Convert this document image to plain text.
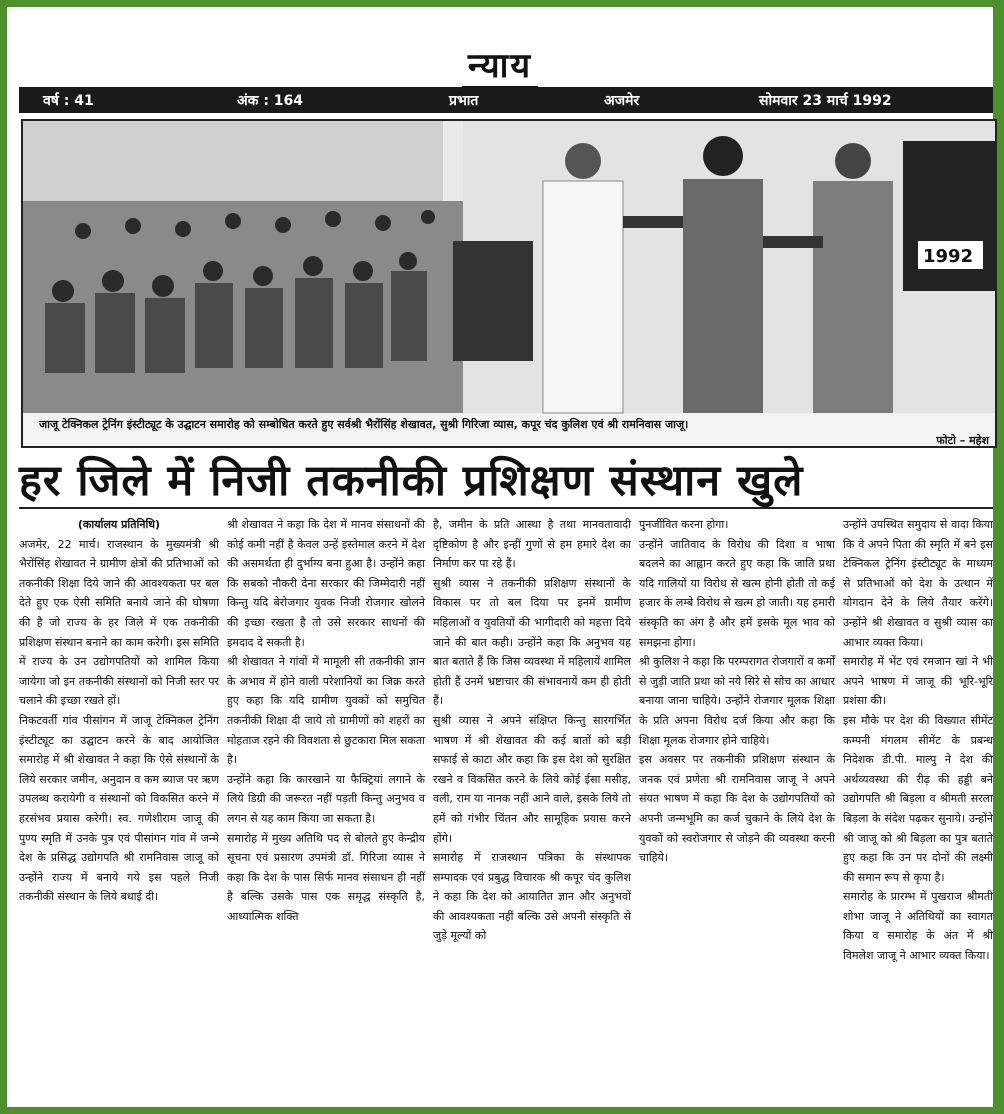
न्याय
वर्ष : 41	अंक : 164	प्रभात	अजमेर	सोमवार 23 मार्च 1992
1992
जाजू टेक्निकल ट्रेनिंग इंस्टीट्यूट के उद्घाटन समारोह को सम्बोधित करते हुए सर्वश्री भैरोंसिंह शेखावत, सुश्री गिरिजा व्यास, कपूर चंद कुलिश एवं श्री रामनिवास जाजू।
फोटो – महेश
हर जिले में निजी तकनीकी प्रशिक्षण संस्थान खुले
(कार्यालय प्रतिनिधि)

अजमेर, 22 मार्च। राजस्थान के मुख्यमंत्री श्री भैरोंसिंह शेखावत ने ग्रामीण क्षेत्रों की प्रतिभाओं को तकनीकी शिक्षा दिये जाने की आवश्यकता पर बल देते हुए एक ऐसी समिति बनाये जाने की घोषणा की है जो राज्य के हर जिले में एक तकनीकी प्रशिक्षण संस्थान बनाने का काम करेगी। इस समिति में राज्य के उन उद्योगपतियों को शामिल किया जायेगा जो इन तकनीकी संस्थानों को निजी स्तर पर चलाने की इच्छा रखते हों।

निकटवर्ती गांव पीसांगन में जाजू टेक्निकल ट्रेनिंग इंस्टीट्यूट का उद्घाटन करने के बाद आयोजित समारोह में श्री शेखावत ने कहा कि ऐसे संस्थानों के लिये सरकार जमीन, अनुदान व कम ब्याज पर ऋण उपलब्ध करायेगी व संस्थानों को विकसित करने में हरसंभव प्रयास करेगी। स्व. गणेशीराम जाजू की पुण्य स्मृति में उनके पुत्र एवं पीसांगन गांव में जन्मे देश के प्रसिद्ध उद्योगपति श्री रामनिवास जाजू को उन्होंने राज्य में बनाये गये इस पहले निजी तकनीकी संस्थान के लिये बधाई दी।

श्री शेखावत ने कहा कि देश में मानव संसाधनों की कोई कमी नहीं है केवल उन्हें इस्तेमाल करने में देश की असमर्थता ही दुर्भाग्य बना हुआ है। उन्होंने कहा कि सबको नौकरी देना सरकार की जिम्मेदारी नहीं किन्तु यदि बेरोजगार युवक निजी रोजगार खोलने की इच्छा रखता है तो उसे सरकार साधनों की इमदाद दे सकती है।

श्री शेखावत ने गांवों में मामूली सी तकनीकी ज्ञान के अभाव में होने वाली परेशानियों का जिक्र करते हुए कहा कि यदि ग्रामीण युवकों को समुचित तकनीकी शिक्षा दी जाये तो ग्रामीणों को शहरों का मोहताज रहने की विवशता से छुटकारा मिल सकता है।

उन्होंने कहा कि कारखाने या फैक्ट्रियां लगाने के लिये डिग्री की जरूरत नहीं पड़ती किन्तु अनुभव व लगन से यह काम किया जा सकता है।

समारोह में मुख्य अतिथि पद से बोलते हुए केन्द्रीय सूचना एवं प्रसारण उपमंत्री डॉ. गिरिजा व्यास ने कहा कि देश के पास सिर्फ मानव संसाधन ही नहीं है बल्कि उसके पास एक समृद्ध संस्कृति है, आध्यात्मिक शक्ति

है, जमीन के प्रति आस्था है तथा मानवतावादी दृष्टिकोण है और इन्हीं गुणों से हम हमारे देश का निर्माण कर पा रहे हैं।

सुश्री व्यास ने तकनीकी प्रशिक्षण संस्थानों के विकास पर तो बल दिया पर इनमें ग्रामीण महिलाओं व युवतियों की भागीदारी को महत्ता दिये जाने की बात कही। उन्होंने कहा कि अनुभव यह बात बताते हैं कि जिस व्यवस्था में महिलायें शामिल होती हैं उनमें भ्रष्टाचार की संभावनायें कम ही होती हैं।

सुश्री व्यास ने अपने संक्षिप्त किन्तु सारगर्भित भाषण में श्री शेखावत की कई बातों को बड़ी सफाई से काटा और कहा कि इस देश को सुरक्षित रखने व विकसित करने के लिये कोई ईसा मसीह, वली, राम या नानक नहीं आने वाले, इसके लिये तो हमें को गंभीर चिंतन और सामूहिक प्रयास करने होंगे।

समारोह में राजस्थान पत्रिका के संस्थापक सम्पादक एवं प्रबुद्ध विचारक श्री कपूर चंद कुलिश ने कहा कि देश को आयातित ज्ञान और अनुभवों की आवश्यकता नहीं बल्कि उसे अपनी संस्कृति से जुड़े मूल्यों को

पुनर्जीवित करना होगा।

उन्होंने जातिवाद के विरोध की दिशा व भाषा बदलने का आह्वान करते हुए कहा कि जाति प्रथा यदि गालियों या विरोध से खत्म होनी होती तो कई हजार के लम्बे विरोध से खत्म हो जाती। यह हमारी संस्कृति का अंग है और हमें इसके मूल भाव को समझना होगा।

श्री कुलिश ने कहा कि परम्परागत रोजगारों व कर्मों से जुड़ी जाति प्रथा को नये सिरे से सोच का आधार बनाया जाना चाहिये। उन्होंने रोजगार मूलक शिक्षा के प्रति अपना विरोध दर्ज किया और कहा कि शिक्षा मूलक रोजगार होने चाहिये।

इस अवसर पर तकनीकी प्रशिक्षण संस्थान के जनक एवं प्रणेता श्री रामनिवास जाजू ने अपने संयत भाषण में कहा कि देश के उद्योगपतियों को अपनी जन्मभूमि का कर्ज चुकाने के लिये देश के युवकों को स्वरोजगार से जोड़ने की व्यवस्था करनी चाहिये।

उन्होंने उपस्थित समुदाय से वादा किया कि वे अपने पिता की स्मृति में बने इस टेक्निकल ट्रेनिंग इंस्टीट्यूट के माध्यम से प्रतिभाओं को देश के उत्थान में योगदान देने के लिये तैयार करेंगे। उन्होंने श्री शेखावत व सुश्री व्यास का आभार व्यक्त किया।

समारोह में भेंट एवं रमजान खां ने भी अपने भाषण में जाजू की भूरि-भूरि प्रशंसा की।

इस मौके पर देश की विख्यात सीमेंट कम्पनी मंगलम सीमेंट के प्रबन्ध निदेशक डी.पी. माल्पु ने देश की अर्थव्यवस्था की रीढ़ की हड्डी बने उद्योगपति श्री बिड़ला व श्रीमती सरला बिड़ला के संदेश पढ़कर सुनाये। उन्होंने श्री जाजू को श्री बिड़ला का पुत्र बताते हुए कहा कि उन पर दोनों की लक्ष्मी की समान रूप से कृपा है।

समारोह के प्रारम्भ में पुखराज श्रीमती शोभा जाजू ने अतिथियों का स्वागत किया व समारोह के अंत में श्री विमलेश जाजू ने आभार व्यक्त किया।
